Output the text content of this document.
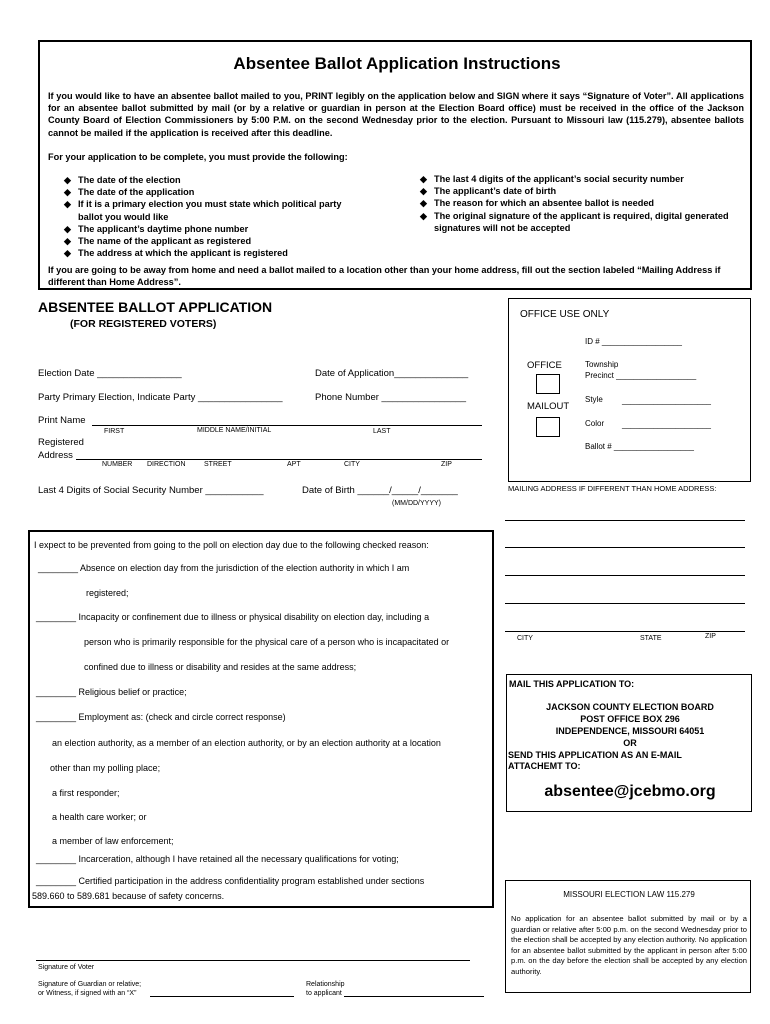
Absentee Ballot Application Instructions
If you would like to have an absentee ballot mailed to you, PRINT legibly on the application below and SIGN where it says “Signature of Voter”. All applications for an absentee ballot submitted by mail (or by a relative or guardian in person at the Election Board office) must be received in the office of the Jackson County Board of Election Commissioners by 5:00 P.M. on the second Wednesday prior to the election. Pursuant to Missouri law (115.279), absentee ballots cannot be mailed if the application is received after this deadline.
For your application to be complete, you must provide the following:
◆ The date of the election
◆ The date of the application
◆ If it is a primary election you must state which political party ballot you would like
◆ The applicant’s daytime phone number
◆ The name of the applicant as registered
◆ The address at which the applicant is registered
◆ The last 4 digits of the applicant’s social security number
◆ The applicant’s date of birth
◆ The reason for which an absentee ballot is needed
◆ The original signature of the applicant is required, digital generated signatures will not be accepted
If you are going to be away from home and need a ballot mailed to a location other than your home address, fill out the section labeled “Mailing Address if different than Home Address”.
ABSENTEE BALLOT APPLICATION
(FOR REGISTERED VOTERS)
Election Date ________________	Date of Application______________
Party Primary Election, Indicate Party ________________	Phone Number ________________
Print Name
FIRST	MIDDLE NAME/INITIAL	LAST
Registered
Address
NUMBER DIRECTION	STREET	APT	CITY	ZIP
Last 4 Digits of Social Security Number ___________	Date of Birth ______/_____/_______
(MM/DD/YYYY)
OFFICE USE ONLY
ID # __________________
OFFICE
MAILOUT
Township
Precinct __________________
Style ____________________
Color ____________________
Ballot # __________________
MAILING ADDRESS IF DIFFERENT THAN HOME ADDRESS:
CITY	STATE	ZIP
I expect to be prevented from going to the poll on election day due to the following checked reason:
________ Absence on election day from the jurisdiction of the election authority in which I am
registered;
________ Incapacity or confinement due to illness or physical disability on election day, including a
person who is primarily responsible for the physical care of a person who is incapacitated or
confined due to illness or disability and resides at the same address;
________ Religious belief or practice;
________ Employment as: (check and circle correct response)
an election authority, as a member of an election authority, or by an election authority at a location
other than my polling place;
a first responder;
a health care worker; or
a member of law enforcement;
________ Incarceration, although I have retained all the necessary qualifications for voting;
________ Certified participation in the address confidentiality program established under sections
589.660 to 589.681 because of safety concerns.
MAIL THIS APPLICATION TO:
JACKSON COUNTY ELECTION BOARD
POST OFFICE BOX 296
INDEPENDENCE, MISSOURI 64051
OR
SEND THIS APPLICATION AS AN E-MAIL ATTACHEMT TO:
absentee@jcebmo.org
MISSOURI ELECTION LAW 115.279
No application for an absentee ballot submitted by mail or by a guardian or relative after 5:00 p.m. on the second Wednesday prior to the election shall be accepted by any election authority. No application for an absentee ballot submitted by the applicant in person after 5:00 p.m. on the day before the election shall be accepted by any election authority.
Signature of Voter
Signature of Guardian or relative;
or Witness, if signed with an “X”
Relationship
to applicant
